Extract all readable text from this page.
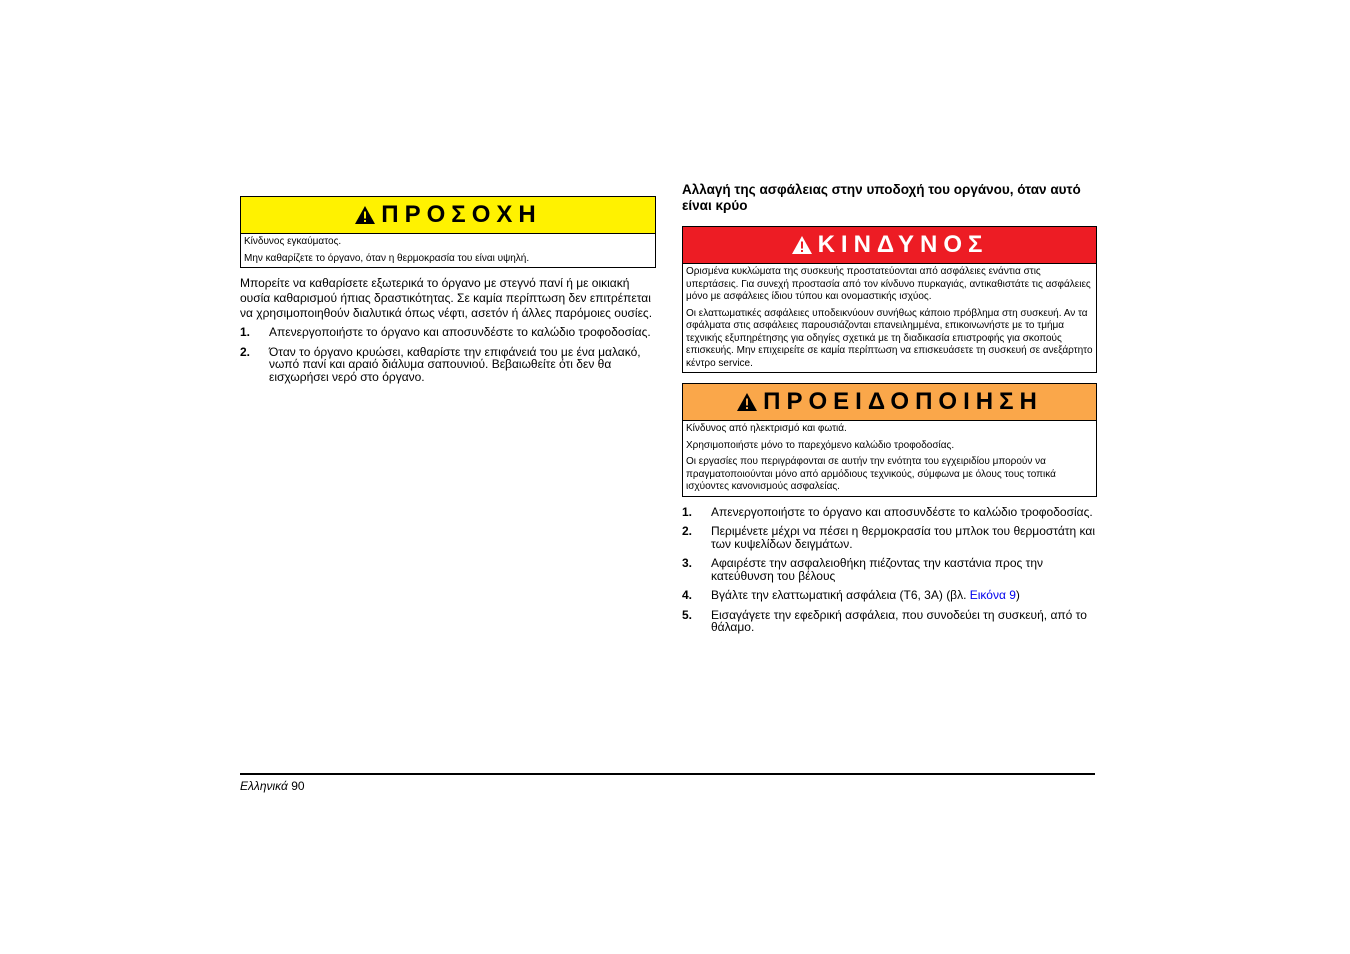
ΠΡΟΣΟΧΗ

Κίνδυνος εγκαύματος.

Μην καθαρίζετε το όργανο, όταν η θερμοκρασία του είναι υψηλή.

Μπορείτε να καθαρίσετε εξωτερικά το όργανο με στεγνό πανί ή με οικιακή ουσία καθαρισμού ήπιας δραστικότητας. Σε καμία περίπτωση δεν επιτρέπεται να χρησιμοποιηθούν διαλυτικά όπως νέφτι, ασετόν ή άλλες παρόμοιες ουσίες.

1.	Απενεργοποιήστε το όργανο και αποσυνδέστε το καλώδιο τροφοδοσίας.
2.	Όταν το όργανο κρυώσει, καθαρίστε την επιφάνειά του με ένα μαλακό, νωπό πανί και αραιό διάλυμα σαπουνιού. Βεβαιωθείτε ότι δεν θα εισχωρήσει νερό στο όργανο.
Αλλαγή της ασφάλειας στην υποδοχή του οργάνου, όταν αυτό είναι κρύο
ΚΙΝΔΥΝΟΣ

Ορισμένα κυκλώματα της συσκευής προστατεύονται από ασφάλειες ενάντια στις υπερτάσεις. Για συνεχή προστασία από τον κίνδυνο πυρκαγιάς, αντικαθιστάτε τις ασφάλειες μόνο με ασφάλειες ίδιου τύπου και ονομαστικής ισχύος.

Οι ελαττωματικές ασφάλειες υποδεικνύουν συνήθως κάποιο πρόβλημα στη συσκευή. Αν τα σφάλματα στις ασφάλειες παρουσιάζονται επανειλημμένα, επικοινωνήστε με το τμήμα τεχνικής εξυπηρέτησης για οδηγίες σχετικά με τη διαδικασία επιστροφής για σκοπούς επισκευής. Μην επιχειρείτε σε καμία περίπτωση να επισκευάσετε τη συσκευή σε ανεξάρτητο κέντρο service.

ΠΡΟΕΙΔΟΠΟΙΗΣΗ

Κίνδυνος από ηλεκτρισμό και φωτιά.

Χρησιμοποιήστε μόνο το παρεχόμενο καλώδιο τροφοδοσίας.

Οι εργασίες που περιγράφονται σε αυτήν την ενότητα του εγχειριδίου μπορούν να πραγματοποιούνται μόνο από αρμόδιους τεχνικούς, σύμφωνα με όλους τους τοπικά ισχύοντες κανονισμούς ασφαλείας.

1.	Απενεργοποιήστε το όργανο και αποσυνδέστε το καλώδιο τροφοδοσίας.
2.	Περιμένετε μέχρι να πέσει η θερμοκρασία του μπλοκ του θερμοστάτη και των κυψελίδων δειγμάτων.
3.	Αφαιρέστε την ασφαλειοθήκη πιέζοντας την καστάνια προς την κατεύθυνση του βέλους
4.	Βγάλτε την ελαττωματική ασφάλεια (T6, 3A) (βλ. Εικόνα 9)
5.	Εισαγάγετε την εφεδρική ασφάλεια, που συνοδεύει τη συσκευή, από το θάλαμο.
Ελληνικά 90
